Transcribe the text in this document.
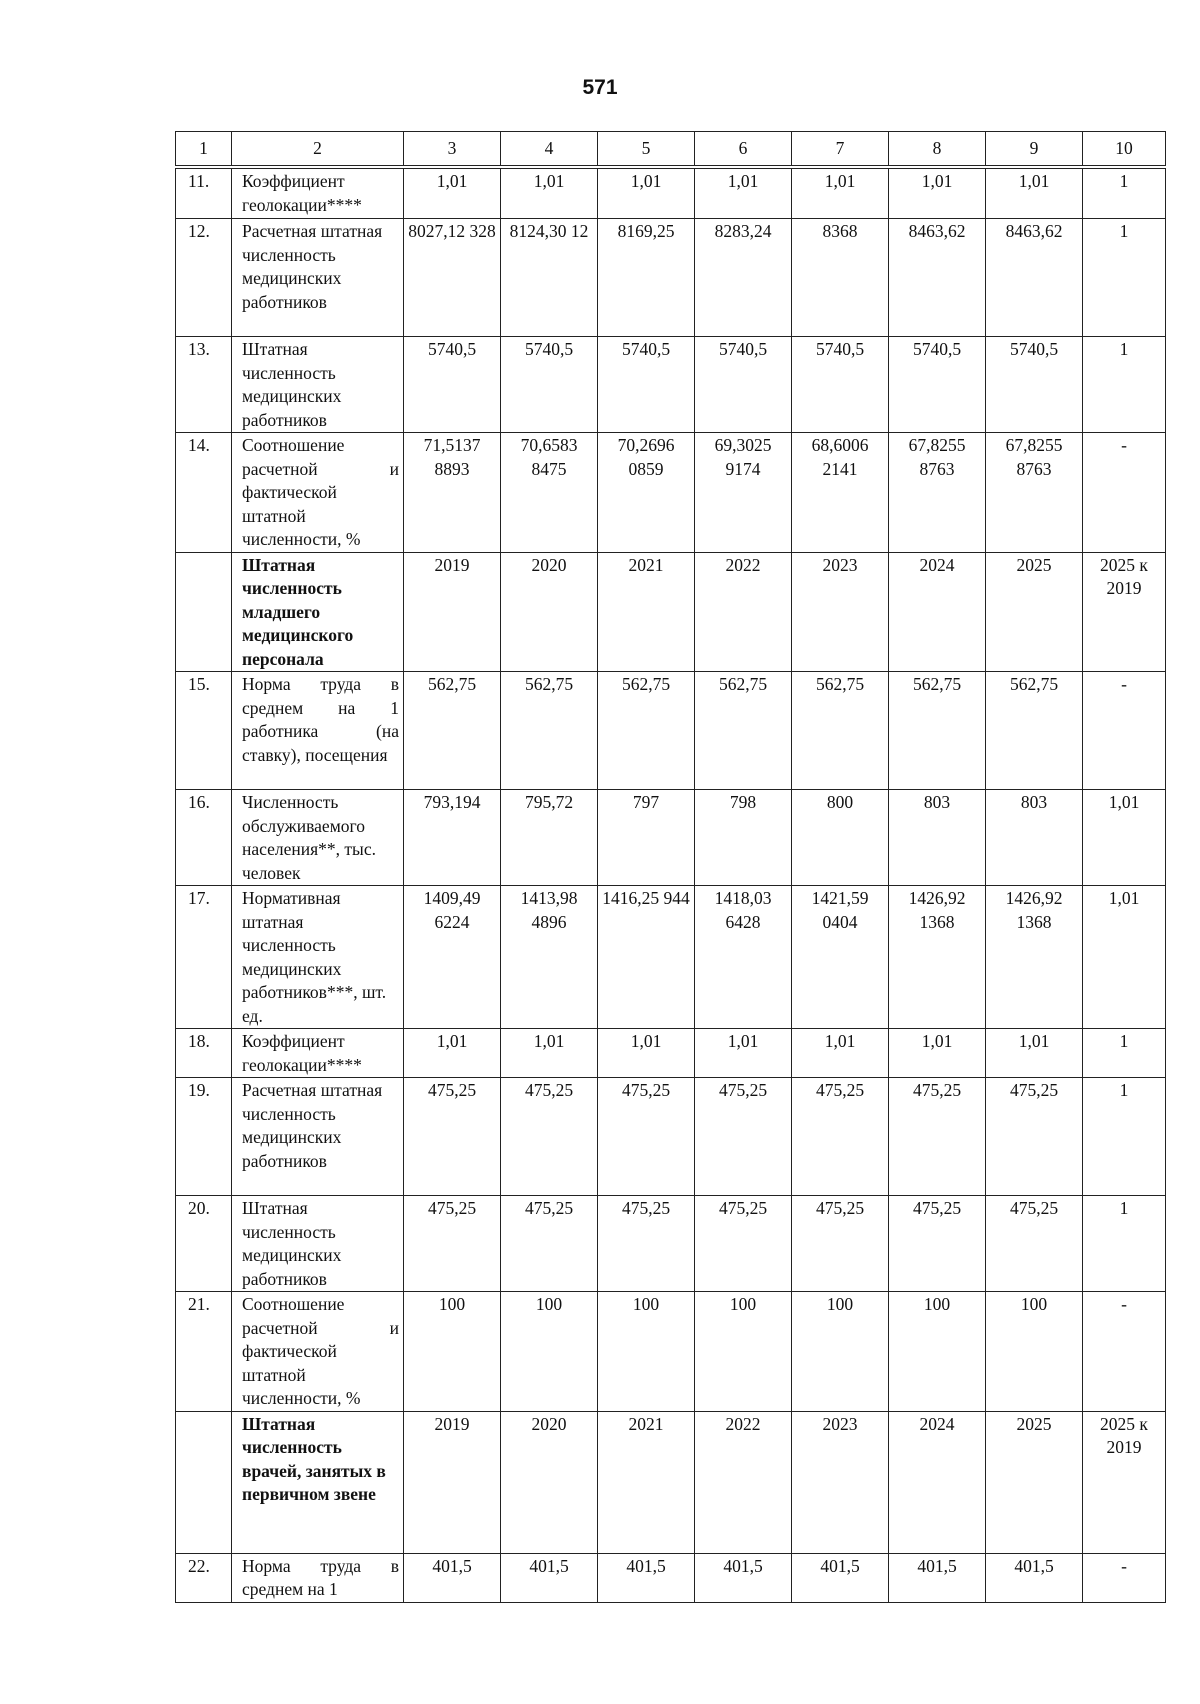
571
1	2	3	4	5	6	7	8	9	10

11.	Коэффициент геолокации****	1,01	1,01	1,01	1,01	1,01	1,01	1,01	1
12.	Расчетная штатная численность медицинских работников	8027,12 328	8124,30 12	8169,25	8283,24	8368	8463,62	8463,62	1
13.	Штатная численность медицинских работников	5740,5	5740,5	5740,5	5740,5	5740,5	5740,5	5740,5	1
14.	Соотношение расчетной и фактической штатной численности, %	71,5137 8893	70,6583 8475	70,2696 0859	69,3025 9174	68,6006 2141	67,8255 8763	67,8255 8763	-
	Штатная численность младшего медицинского персонала	2019	2020	2021	2022	2023	2024	2025	2025 к 2019
15.	Норма труда в среднем на 1 работника (на ставку), посещения	562,75	562,75	562,75	562,75	562,75	562,75	562,75	-
16.	Численность обслуживаемого населения**, тыс. человек	793,194	795,72	797	798	800	803	803	1,01
17.	Нормативная штатная численность медицинских работников***, шт. ед.	1409,49 6224	1413,98 4896	1416,25 944	1418,03 6428	1421,59 0404	1426,92 1368	1426,92 1368	1,01
18.	Коэффициент геолокации****	1,01	1,01	1,01	1,01	1,01	1,01	1,01	1
19.	Расчетная штатная численность медицинских работников	475,25	475,25	475,25	475,25	475,25	475,25	475,25	1
20.	Штатная численность медицинских работников	475,25	475,25	475,25	475,25	475,25	475,25	475,25	1
21.	Соотношение расчетной и фактической штатной численности, %	100	100	100	100	100	100	100	-
	Штатная численность врачей, занятых в первичном звене	2019	2020	2021	2022	2023	2024	2025	2025 к 2019
22.	Норма труда в среднем на 1	401,5	401,5	401,5	401,5	401,5	401,5	401,5	-
